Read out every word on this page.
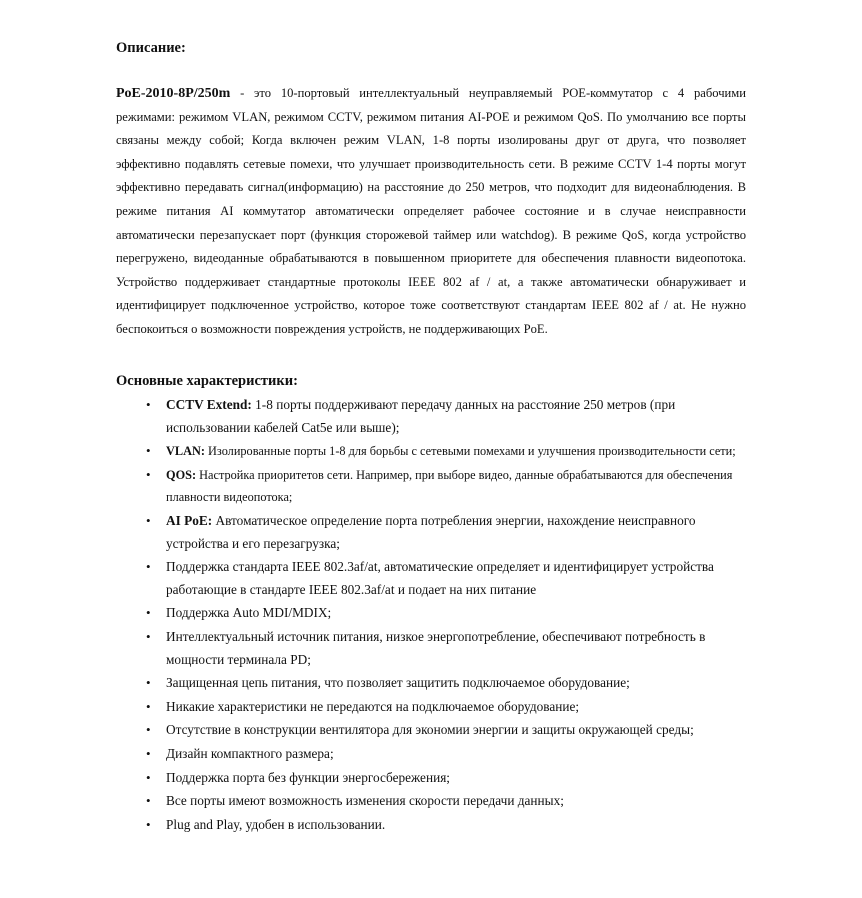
Описание:

PoE-2010-8P/250m - это 10-портовый интеллектуальный неуправляемый POE-коммутатор с 4 рабочими режимами: режимом VLAN, режимом CCTV, режимом питания AI-POE и режимом QoS. По умолчанию все порты связаны между собой; Когда включен режим VLAN, 1-8 порты изолированы друг от друга, что позволяет эффективно подавлять сетевые помехи, что улучшает производительность сети. В режиме CCTV 1-4 порты могут эффективно передавать сигнал(информацию) на расстояние до 250 метров, что подходит для видеонаблюдения. В режиме питания AI коммутатор автоматически определяет рабочее состояние и в случае неисправности автоматически перезапускает порт (функция сторожевой таймер или watchdog). В режиме QoS, когда устройство перегружено, видеоданные обрабатываются в повышенном приоритете для обеспечения плавности видеопотока. Устройство поддерживает стандартные протоколы IEEE 802 af / at, а также автоматически обнаруживает и идентифицирует подключенное устройство, которое тоже соответствуют стандартам IEEE 802 af / at. Не нужно беспокоиться о возможности повреждения устройств, не поддерживающих PoE.

Основные характеристики:
• CCTV Extend: 1-8 порты поддерживают передачу данных на расстояние 250 метров (при использовании кабелей Cat5e или выше);
• VLAN: Изолированные порты 1-8 для борьбы с сетевыми помехами и улучшения производительности сети;
• QOS: Настройка приоритетов сети. Например, при выборе видео, данные обрабатываются для обеспечения плавности видеопотока;
• AI PoE: Автоматическое определение порта потребления энергии, нахождение неисправного устройства и его перезагрузка;
• Поддержка стандарта IEEE 802.3af/at, автоматические определяет и идентифицирует устройства работающие в стандарте IEEE 802.3af/at и подает на них питание
• Поддержка Auto MDI/MDIX;
• Интеллектуальный источник питания, низкое энергопотребление, обеспечивают потребность в мощности терминала PD;
• Защищенная цепь питания, что позволяет защитить подключаемое оборудование;
• Никакие характеристики не передаются на подключаемое оборудование;
• Отсутствие в конструкции вентилятора для экономии энергии и защиты окружающей среды;
• Дизайн компактного размера;
• Поддержка порта без функции энергосбережения;
• Все порты имеют возможность изменения скорости передачи данных;
• Plug and Play, удобен в использовании.
